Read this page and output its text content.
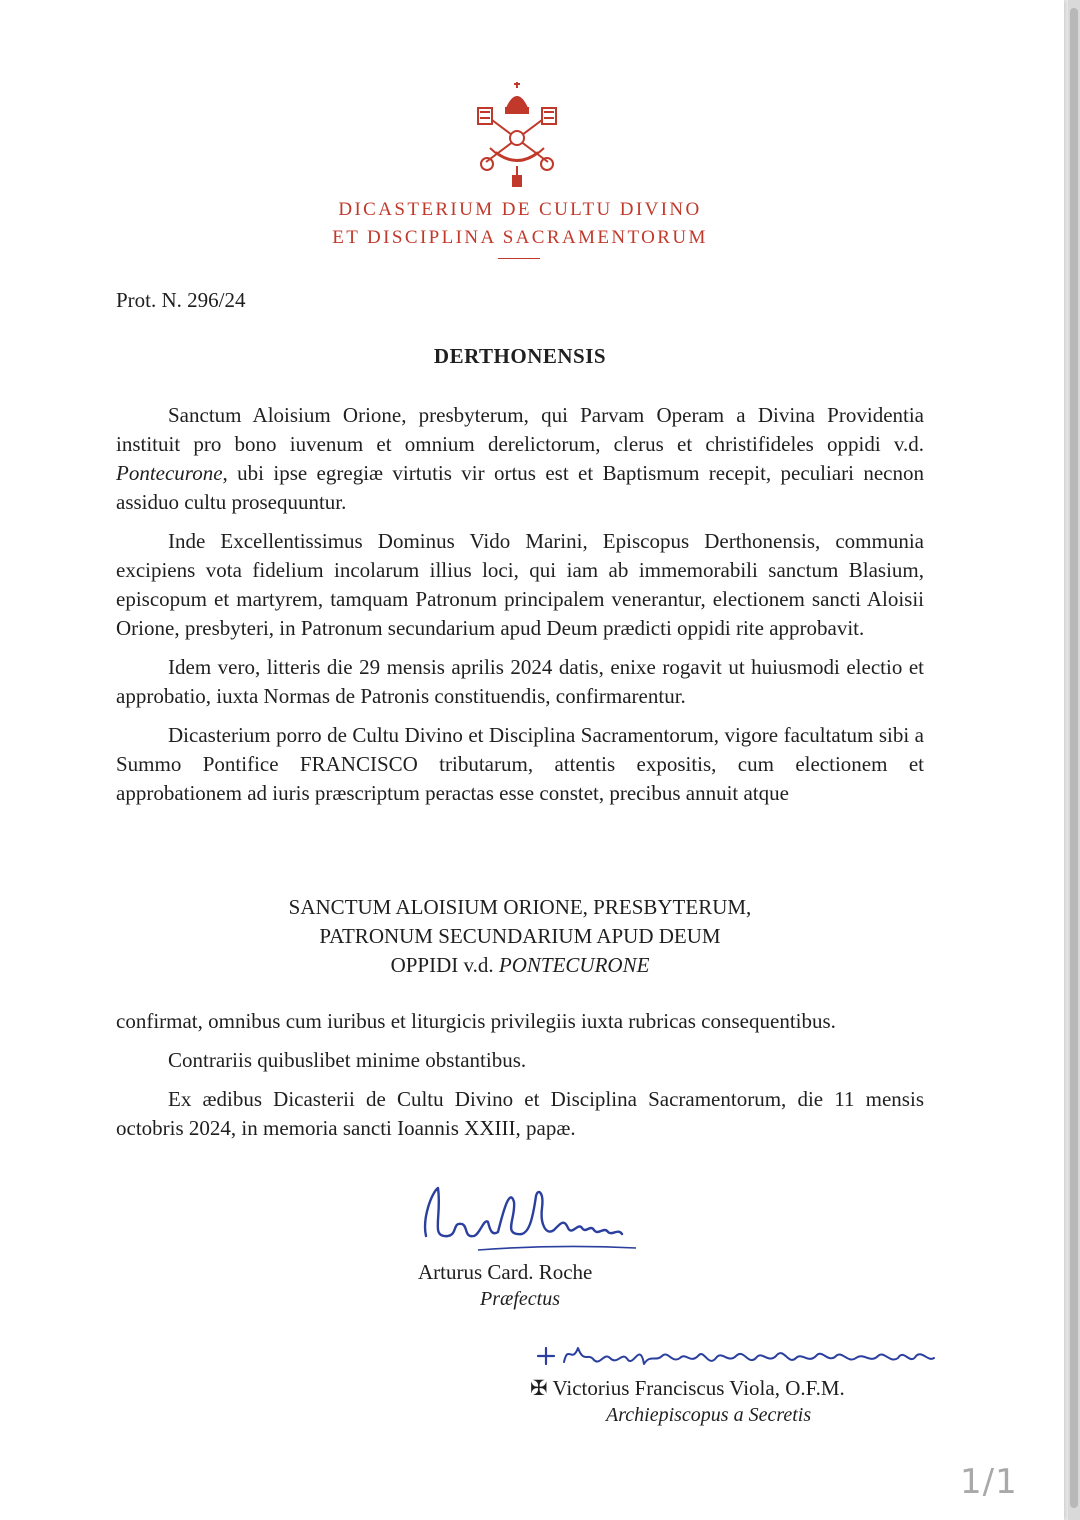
DICASTERIUM DE CULTU DIVINO
ET DISCIPLINA SACRAMENTORUM
Prot. N. 296/24
DERTHONENSIS

Sanctum Aloisium Orione, presbyterum, qui Parvam Operam a Divina Providentia instituit pro bono iuvenum et omnium derelictorum, clerus et christifideles oppidi v.d. Pontecurone, ubi ipse egregiæ virtutis vir ortus est et Baptismum recepit, peculiari necnon assiduo cultu prosequuntur.

Inde Excellentissimus Dominus Vido Marini, Episcopus Derthonensis, communia excipiens vota fidelium incolarum illius loci, qui iam ab immemorabili sanctum Blasium, episcopum et martyrem, tamquam Patronum principalem venerantur, electionem sancti Aloisii Orione, presbyteri, in Patronum secundarium apud Deum prædicti oppidi rite approbavit.

Idem vero, litteris die 29 mensis aprilis 2024 datis, enixe rogavit ut huiusmodi electio et approbatio, iuxta Normas de Patronis constituendis, confirmarentur.

Dicasterium porro de Cultu Divino et Disciplina Sacramentorum, vigore facultatum sibi a Summo Pontifice FRANCISCO tributarum, attentis expositis, cum electionem et approbationem ad iuris præscriptum peractas esse constet, precibus annuit atque

SANCTUM ALOISIUM ORIONE, PRESBYTERUM,
PATRONUM SECUNDARIUM APUD DEUM
OPPIDI v.d. PONTECURONE

confirmat, omnibus cum iuribus et liturgicis privilegiis iuxta rubricas consequentibus.

Contrariis quibuslibet minime obstantibus.

Ex ædibus Dicasterii de Cultu Divino et Disciplina Sacramentorum, die 11 mensis octobris 2024, in memoria sancti Ioannis XXIII, papæ.

Arturus Card. Roche
Præfectus
✠ Victorius Franciscus Viola, O.F.M.
Archiepiscopus a Secretis
1/1
